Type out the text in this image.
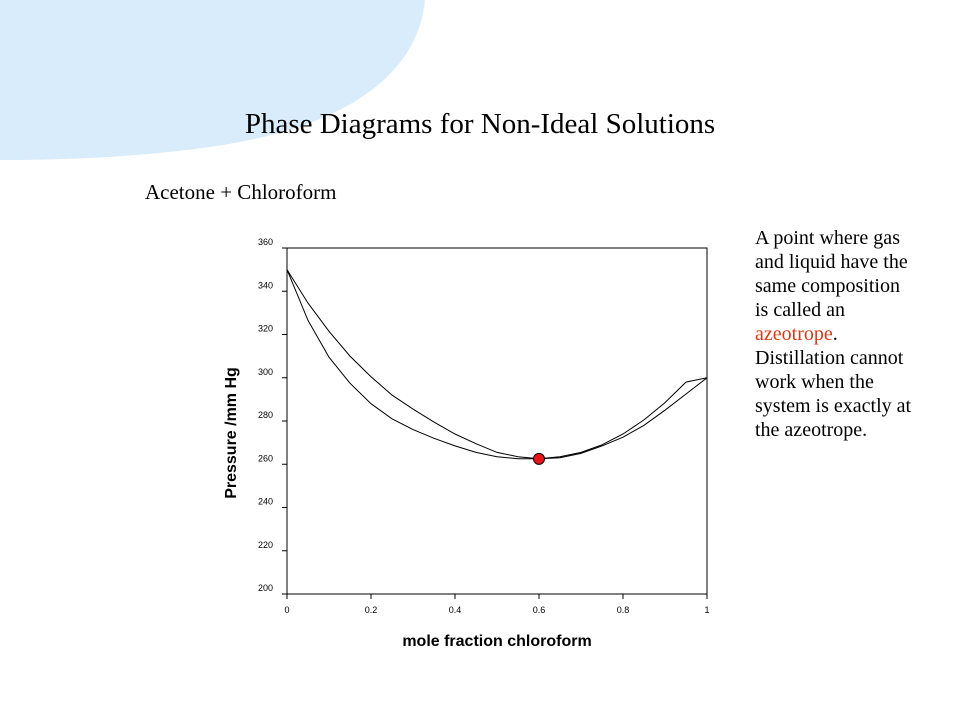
Phase Diagrams for Non-Ideal Solutions
Acetone + Chloroform
A point where gas and liquid have the same composition is called an azeotrope. Distillation cannot work when the system is exactly at the azeotrope.
0	0.2	0.4	0.6	0.8	1
200
220
240
260
280
300
320
340
360
mole fraction chloroform
Pressure /mm Hg
